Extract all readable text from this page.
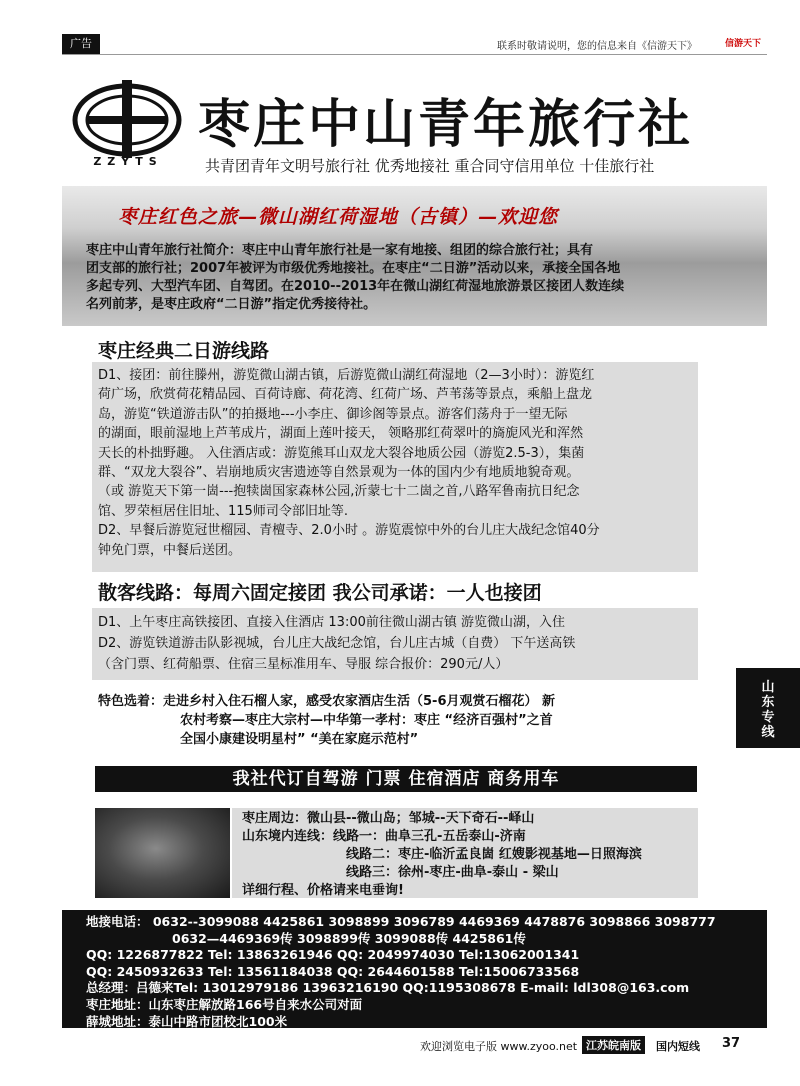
广告	联系时敬请说明，您的信息来自《信游天下》	信游天下
ZZYTS
枣庄中山青年旅行社
共青团青年文明号旅行社 优秀地接社 重合同守信用单位 十佳旅行社
枣庄红色之旅—微山湖红荷湿地（古镇）—欢迎您
枣庄中山青年旅行社简介：枣庄中山青年旅行社是一家有地接、组团的综合旅行社；具有
团支部的旅行社；2007年被评为市级优秀地接社。在枣庄“二日游”活动以来，承接全国各地
多起专列、大型汽车团、自驾团。在2010--2013年在微山湖红荷湿地旅游景区接团人数连续
名列前茅，是枣庄政府“二日游”指定优秀接待社。
枣庄经典二日游线路
D1、接团：前往滕州，游览微山湖古镇，后游览微山湖红荷湿地（2—3小时）：游览红
荷广场，欣赏荷花精品园、百荷诗廊、荷花湾、红荷广场、芦苇荡等景点，乘船上盘龙
岛，游览“铁道游击队”的拍摄地---小李庄、御诊阁等景点。游客们荡舟于一望无际
的湖面，眼前湿地上芦苇成片，湖面上莲叶接天， 领略那红荷翠叶的旖旎风光和浑然
天长的朴拙野趣。 入住酒店或：游览熊耳山双龙大裂谷地质公园（游览2.5-3），集菌
群、“双龙大裂谷”、岩崩地质灾害遗迹等自然景观为一体的国内少有地质地貌奇观。
（或 游览天下第一崮---抱犊崮国家森林公园,沂蒙七十二崮之首,八路军鲁南抗日纪念
馆、罗荣桓居住旧址、115师司令部旧址等.
D2、早餐后游览冠世榴园、青檀寺、2.0小时 。游览震惊中外的台儿庄大战纪念馆40分
钟免门票，中餐后送团。
散客线路：每周六固定接团 我公司承诺：一人也接团
D1、上午枣庄高铁接团、直接入住酒店 13:00前往微山湖古镇 游览微山湖，入住
D2、游览铁道游击队影视城，台儿庄大战纪念馆，台儿庄古城（自费） 下午送高铁
（含门票、红荷船票、住宿三星标准用车、导服 综合报价：290元/人）
特色选着：走进乡村入住石榴人家，感受农家酒店生活（5-6月观赏石榴花） 新
农村考察—枣庄大宗村—中华第一孝村：枣庄 “经济百强村”之首
全国小康建设明星村” “美在家庭示范村”
山东专线
我社代订自驾游 门票 住宿酒店 商务用车
枣庄周边：微山县--微山岛；邹城--天下奇石--峄山
山东境内连线：线路一：曲阜三孔-五岳泰山-济南
线路二：枣庄-临沂孟良崮 红嫂影视基地—日照海滨
线路三：徐州-枣庄-曲阜-泰山 - 梁山
详细行程、价格请来电垂询!
地接电话： 0632--3099088 4425861 3098899 3096789 4469369 4478876 3098866 3098777
0632—4469369传 3098899传 3099088传 4425861传
QQ: 1226877822 Tel: 13863261946 QQ: 2049974030 Tel:13062001341
QQ: 2450932633 Tel: 13561184038 QQ: 2644601588 Tel:15006733568
总经理：吕德来Tel: 13012979186 13963216190 QQ:1195308678 E-mail: ldl308@163.com
枣庄地址：山东枣庄解放路166号自来水公司对面
薛城地址：泰山中路市团校北100米
欢迎浏览电子版 www.zyoo.net 江苏皖南版	国内短线 37
